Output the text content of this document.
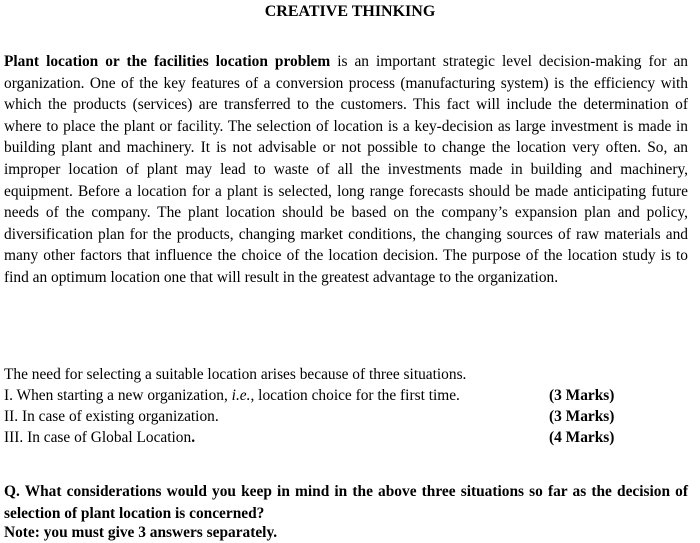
CREATIVE THINKING

Plant location or the facilities location problem is an important strategic level decision-making for an organization. One of the key features of a conversion process (manufacturing system) is the efficiency with which the products (services) are transferred to the customers. This fact will include the determination of where to place the plant or facility. The selection of location is a key-decision as large investment is made in building plant and machinery. It is not advisable or not possible to change the location very often. So, an improper location of plant may lead to waste of all the investments made in building and machinery, equipment. Before a location for a plant is selected, long range forecasts should be made anticipating future needs of the company. The plant location should be based on the company’s expansion plan and policy, diversification plan for the products, changing market conditions, the changing sources of raw materials and many other factors that influence the choice of the location decision. The purpose of the location study is to find an optimum location one that will result in the greatest advantage to the organization.

The need for selecting a suitable location arises because of three situations.

I. When starting a new organization, i.e., location choice for the first time.	(3 Marks)

II. In case of existing organization.	(3 Marks)

III. In case of Global Location.	(4 Marks)

Q. What considerations would you keep in mind in the above three situations so far as the decision of selection of plant location is concerned?

Note: you must give 3 answers separately.
